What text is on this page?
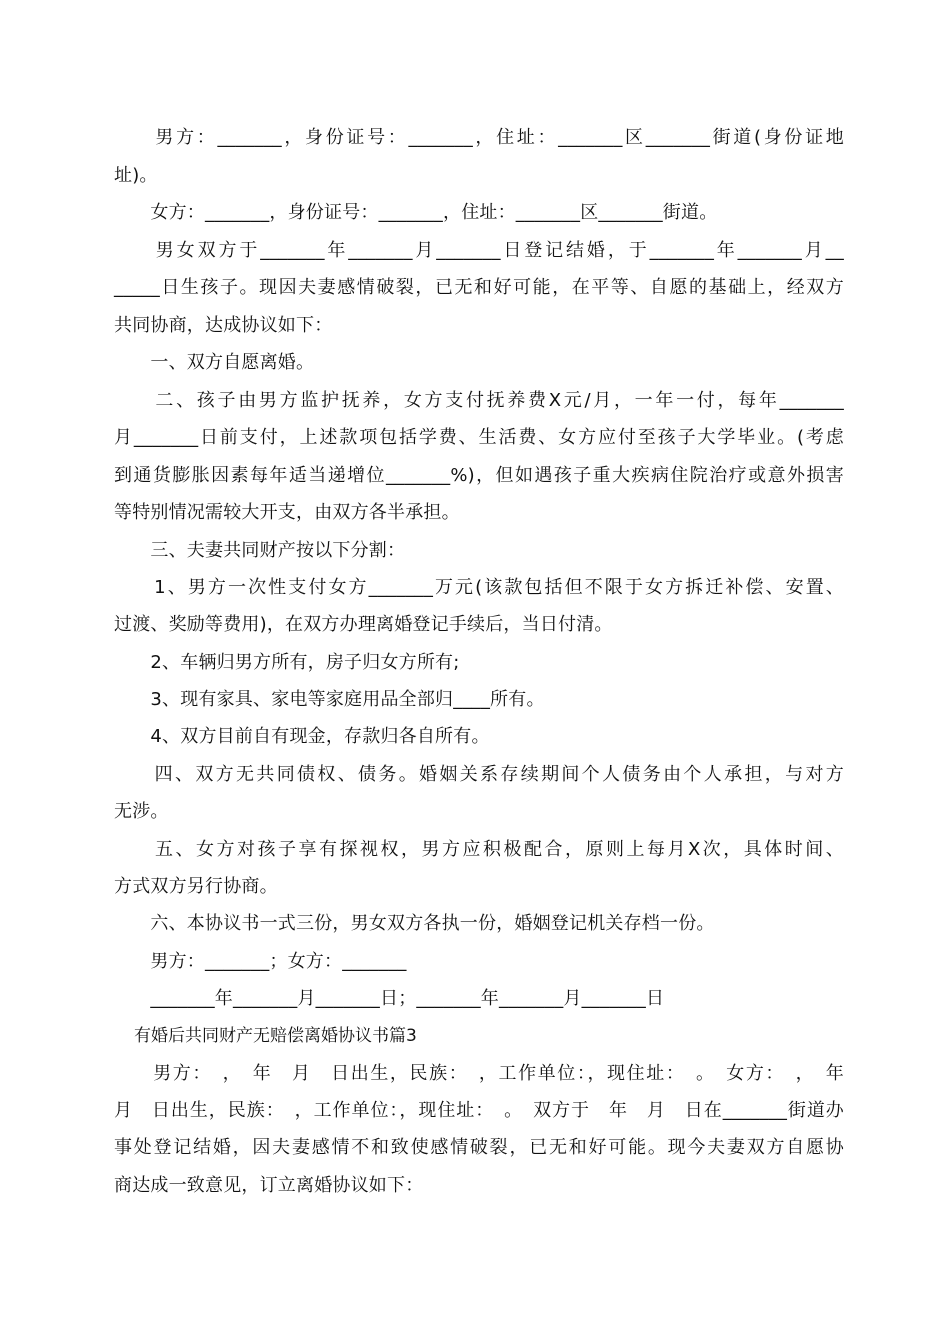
　　男方：_______，身份证号：_______，住址：_______区_______街道(身份证地
址)。
　　女方：_______，身份证号：_______，住址：_______区_______街道。
　　男女双方于_______年_______月_______日登记结婚，于_______年_______月__
_____日生孩子。现因夫妻感情破裂，已无和好可能，在平等、自愿的基础上，经双方
共同协商，达成协议如下：
　　一、双方自愿离婚。
　　二、孩子由男方监护抚养，女方支付抚养费X元/月，一年一付，每年_______
月_______日前支付，上述款项包括学费、生活费、女方应付至孩子大学毕业。(考虑
到通货膨胀因素每年适当递增位_______%)，但如遇孩子重大疾病住院治疗或意外损害
等特别情况需较大开支，由双方各半承担。
　　三、夫妻共同财产按以下分割：
　　1、男方一次性支付女方_______万元(该款包括但不限于女方拆迁补偿、安置、
过渡、奖励等费用)，在双方办理离婚登记手续后，当日付清。
　　2、车辆归男方所有，房子归女方所有;
　　3、现有家具、家电等家庭用品全部归____所有。
　　4、双方目前自有现金，存款归各自所有。
　　四、双方无共同债权、债务。婚姻关系存续期间个人债务由个人承担，与对方
无涉。
　　五、女方对孩子享有探视权，男方应积极配合，原则上每月X次，具体时间、
方式双方另行协商。
　　六、本协议书一式三份，男女双方各执一份，婚姻登记机关存档一份。
　　男方：_______；女方：_______
　　_______年_______月_______日；_______年_______月_______日
有婚后共同财产无赔偿离婚协议书篇3
　　男方：　，　年　月　日出生，民族：　，工作单位：，现住址：　。　女方：　，　年
月　日出生，民族：　，工作单位：，现住址：　。　双方于　年　月　日在_______街道办
事处登记结婚，因夫妻感情不和致使感情破裂，已无和好可能。现今夫妻双方自愿协
商达成一致意见，订立离婚协议如下：
